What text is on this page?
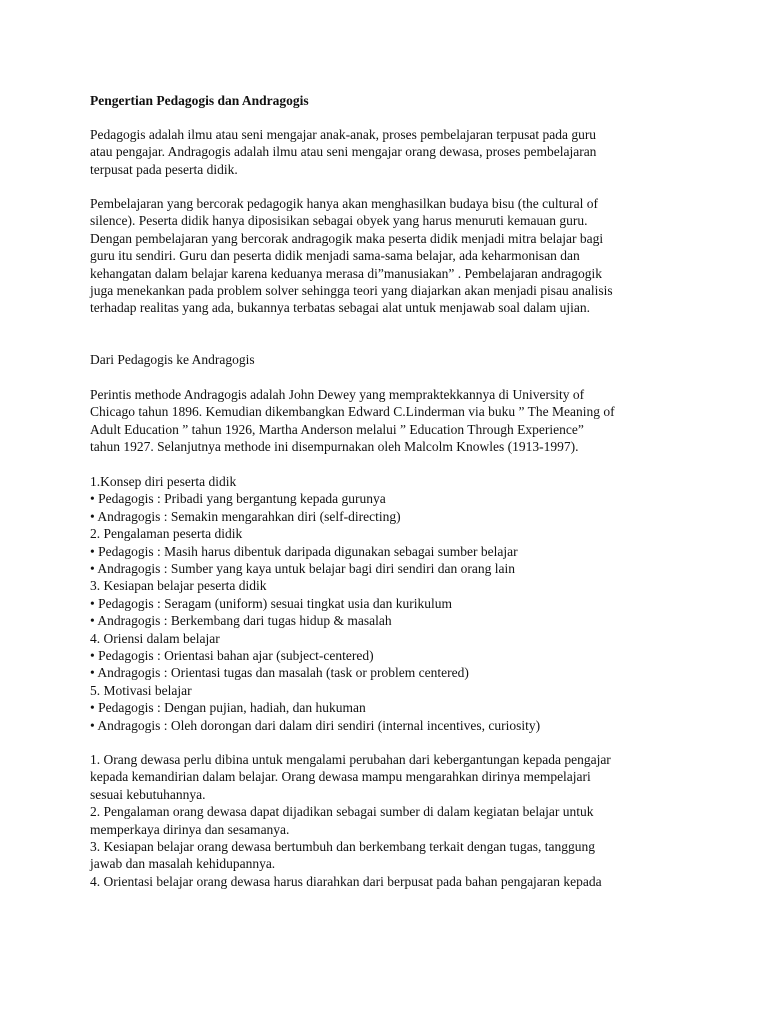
Pengertian Pedagogis dan Andragogis

Pedagogis adalah ilmu atau seni mengajar anak-anak, proses pembelajaran terpusat pada guru

atau pengajar. Andragogis adalah ilmu atau seni mengajar orang dewasa, proses pembelajaran

terpusat pada peserta didik.

Pembelajaran yang bercorak pedagogik hanya akan menghasilkan budaya bisu (the cultural of

silence). Peserta didik hanya diposisikan sebagai obyek yang harus menuruti kemauan guru.

Dengan pembelajaran yang bercorak andragogik maka peserta didik menjadi mitra belajar bagi

guru itu sendiri. Guru dan peserta didik menjadi sama-sama belajar, ada keharmonisan dan

kehangatan dalam belajar karena keduanya merasa di”manusiakan” . Pembelajaran andragogik

juga menekankan pada problem solver sehingga teori yang diajarkan akan menjadi pisau analisis

terhadap realitas yang ada, bukannya terbatas sebagai alat untuk menjawab soal dalam ujian.

Dari Pedagogis ke Andragogis

Perintis methode Andragogis adalah John Dewey yang mempraktekkannya di University of

Chicago tahun 1896. Kemudian dikembangkan Edward C.Linderman via buku ” The Meaning of

Adult Education ” tahun 1926, Martha Anderson melalui ” Education Through Experience”

tahun 1927. Selanjutnya methode ini disempurnakan oleh Malcolm Knowles (1913-1997).

1.Konsep diri peserta didik

• Pedagogis : Pribadi yang bergantung kepada gurunya

• Andragogis : Semakin mengarahkan diri (self-directing)

2. Pengalaman peserta didik

• Pedagogis : Masih harus dibentuk daripada digunakan sebagai sumber belajar

• Andragogis : Sumber yang kaya untuk belajar bagi diri sendiri dan orang lain

3. Kesiapan belajar peserta didik

• Pedagogis : Seragam (uniform) sesuai tingkat usia dan kurikulum

• Andragogis : Berkembang dari tugas hidup & masalah

4. Oriensi dalam belajar

• Pedagogis : Orientasi bahan ajar (subject-centered)

• Andragogis : Orientasi tugas dan masalah (task or problem centered)

5. Motivasi belajar

• Pedagogis : Dengan pujian, hadiah, dan hukuman

• Andragogis : Oleh dorongan dari dalam diri sendiri (internal incentives, curiosity)

1. Orang dewasa perlu dibina untuk mengalami perubahan dari kebergantungan kepada pengajar

kepada kemandirian dalam belajar. Orang dewasa mampu mengarahkan dirinya mempelajari

sesuai kebutuhannya.

2. Pengalaman orang dewasa dapat dijadikan sebagai sumber di dalam kegiatan belajar untuk

memperkaya dirinya dan sesamanya.

3. Kesiapan belajar orang dewasa bertumbuh dan berkembang terkait dengan tugas, tanggung

jawab dan masalah kehidupannya.

4. Orientasi belajar orang dewasa harus diarahkan dari berpusat pada bahan pengajaran kepada
